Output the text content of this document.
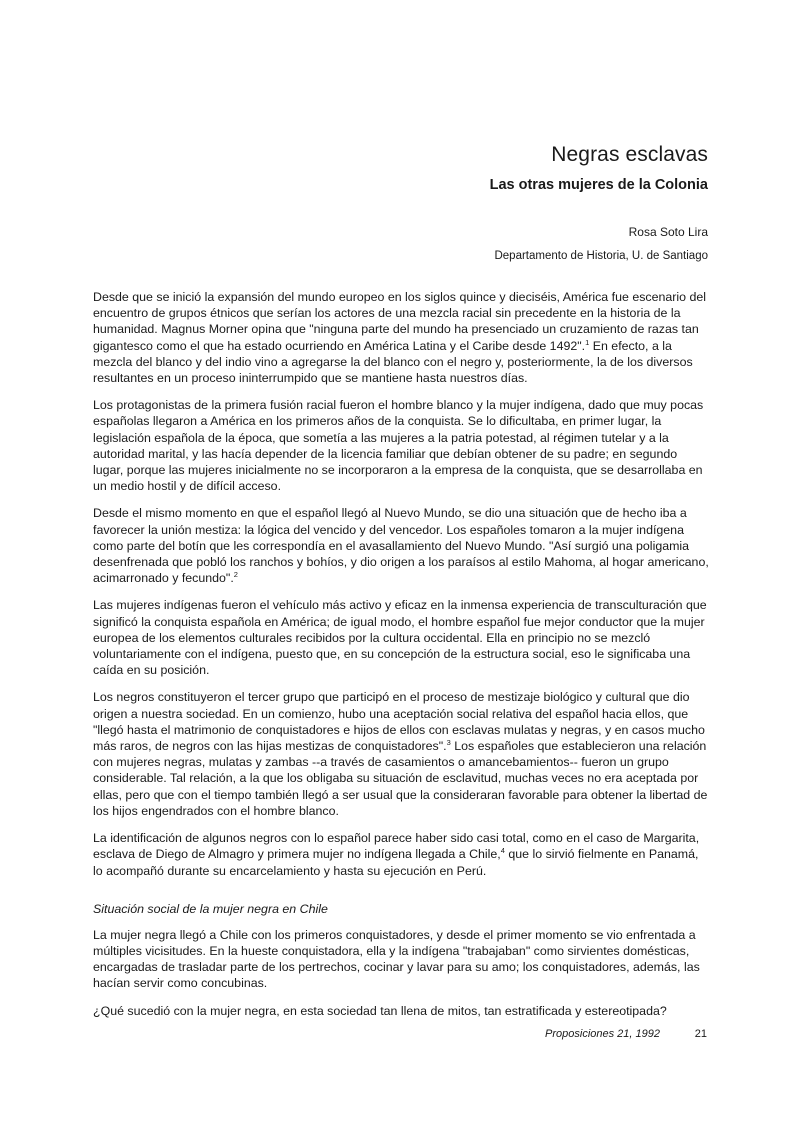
Negras esclavas
Las otras mujeres de la Colonia
Rosa Soto Lira
Departamento de Historia, U. de Santiago

Desde que se inició la expansión del mundo europeo en los siglos quince y dieciséis, América fue escenario del encuentro de grupos étnicos que serían los actores de una mezcla racial sin precedente en la historia de la humanidad. Magnus Morner opina que "ninguna parte del mundo ha presenciado un cruzamiento de razas tan gigantesco como el que ha estado ocurriendo en América Latina y el Caribe desde 1492".$^1$ En efecto, a la mezcla del blanco y del indio vino a agregarse la del blanco con el negro y, posteriormente, la de los diversos resultantes en un proceso ininterrumpido que se mantiene hasta nuestros días.

Los protagonistas de la primera fusión racial fueron el hombre blanco y la mujer indígena, dado que muy pocas españolas llegaron a América en los primeros años de la conquista. Se lo dificultaba, en primer lugar, la legislación española de la época, que sometía a las mujeres a la patria potestad, al régimen tutelar y a la autoridad marital, y las hacía depender de la licencia familiar que debían obtener de su padre; en segundo lugar, porque las mujeres inicialmente no se incorporaron a la empresa de la conquista, que se desarrollaba en un medio hostil y de difícil acceso.

Desde el mismo momento en que el español llegó al Nuevo Mundo, se dio una situación que de hecho iba a favorecer la unión mestiza: la lógica del vencido y del vencedor. Los españoles tomaron a la mujer indígena como parte del botín que les correspondía en el avasallamiento del Nuevo Mundo. "Así surgió una poligamia desenfrenada que pobló los ranchos y bohíos, y dio origen a los paraísos al estilo Mahoma, al hogar americano, acimarronado y fecundo".$^2$

Las mujeres indígenas fueron el vehículo más activo y eficaz en la inmensa experiencia de transculturación que significó la conquista española en América; de igual modo, el hombre español fue mejor conductor que la mujer europea de los elementos culturales recibidos por la cultura occidental. Ella en principio no se mezcló voluntariamente con el indígena, puesto que, en su concepción de la estructura social, eso le significaba una caída en su posición.

Los negros constituyeron el tercer grupo que participó en el proceso de mestizaje biológico y cultural que dio origen a nuestra sociedad. En un comienzo, hubo una aceptación social relativa del español hacia ellos, que "llegó hasta el matrimonio de conquistadores e hijos de ellos con esclavas mulatas y negras, y en casos mucho más raros, de negros con las hijas mestizas de conquistadores".$^3$ Los españoles que establecieron una relación con mujeres negras, mulatas y zambas --a través de casamientos o amancebamientos-- fueron un grupo considerable. Tal relación, a la que los obligaba su situación de esclavitud, muchas veces no era aceptada por ellas, pero que con el tiempo también llegó a ser usual que la consideraran favorable para obtener la libertad de los hijos engendrados con el hombre blanco.

La identificación de algunos negros con lo español parece haber sido casi total, como en el caso de Margarita, esclava de Diego de Almagro y primera mujer no indígena llegada a Chile,$^4$ que lo sirvió fielmente en Panamá, lo acompañó durante su encarcelamiento y hasta su ejecución en Perú.

Situación social de la mujer negra en Chile

La mujer negra llegó a Chile con los primeros conquistadores, y desde el primer momento se vio enfrentada a múltiples vicisitudes. En la hueste conquistadora, ella y la indígena "trabajaban" como sirvientes domésticas, encargadas de trasladar parte de los pertrechos, cocinar y lavar para su amo; los conquistadores, además, las hacían servir como concubinas.

¿Qué sucedió con la mujer negra, en esta sociedad tan llena de mitos, tan estratificada y estereotipada?

Proposiciones 21, 1992	21
